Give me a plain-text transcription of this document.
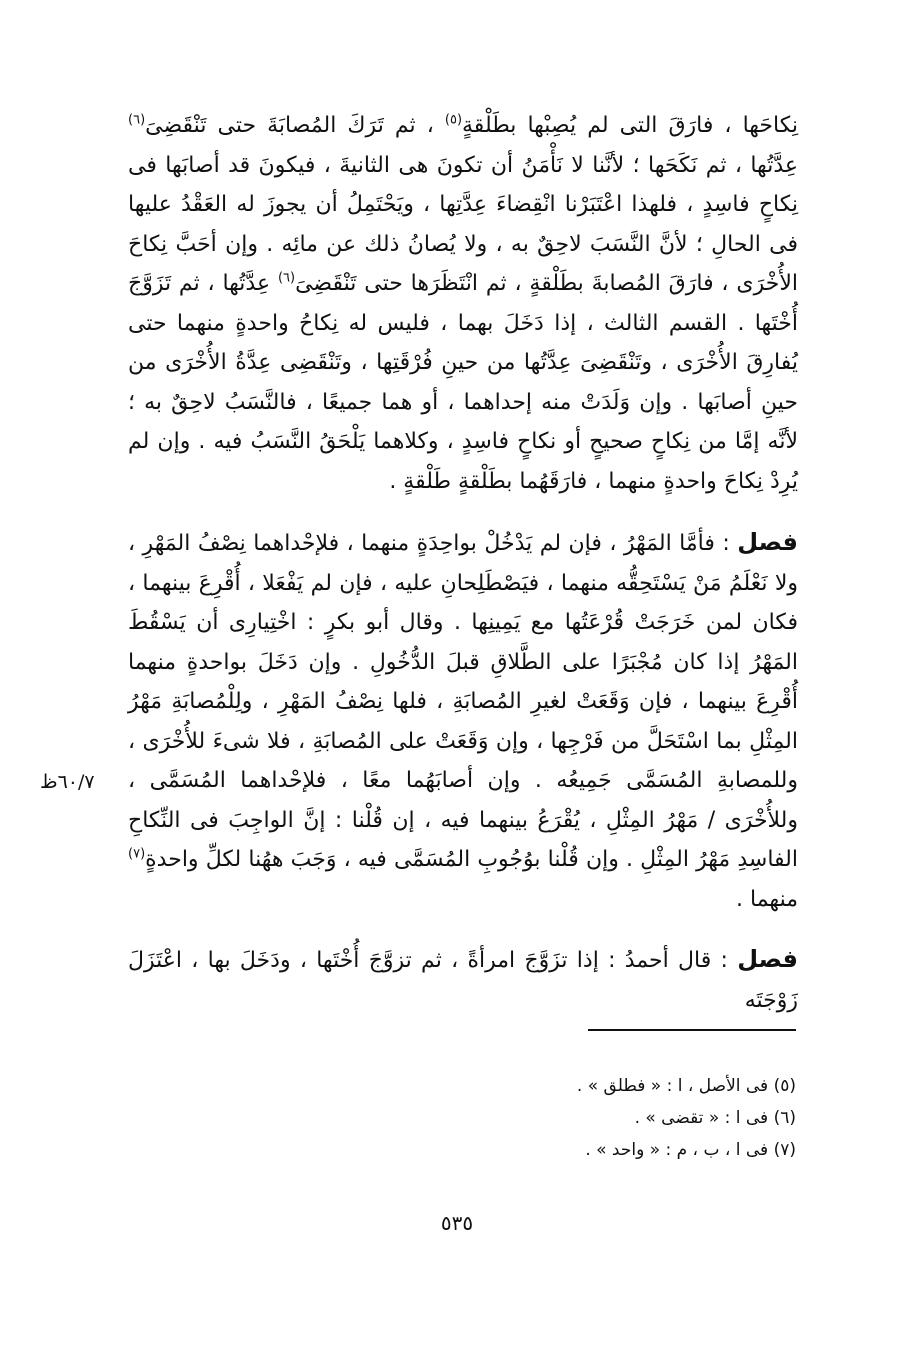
نِكاحَها ، فارَقَ التى لم يُصِبْها بطَلْقةٍ$^{(٥)}$ ، ثم تَرَكَ المُصابَةَ حتى تَنْقَضِىَ$^{(٦)}$ عِدَّتُها ، ثم نَكَحَها ؛ لأنَّنا لا نَأْمَنُ أن تكونَ هى الثانيةَ ، فيكونَ قد أصابَها فى نِكاحٍ فاسِدٍ ، فلهذا اعْتَبَرْنا انْقِضاءَ عِدَّتِها ، ويَحْتَمِلُ أن يجوزَ له العَقْدُ عليها فى الحالِ ؛ لأنَّ النَّسَبَ لاحِقٌ به ، ولا يُصانُ ذلك عن مائِه . وإن أحَبَّ نِكاحَ الأُخْرَى ، فارَقَ المُصابةَ بطَلْقةٍ ، ثم انْتَظَرَها حتى تَنْقَضِىَ$^{(٦)}$ عِدَّتُها ، ثم تَزَوَّجَ أُخْتَها . القسم الثالث ، إذا دَخَلَ بهما ، فليس له نِكاحُ واحدةٍ منهما حتى يُفارِقَ الأُخْرَى ، وتَنْقَضِىَ عِدَّتُها من حينِ فُرْقَتِها ، وتَنْقَضِى عِدَّةُ الأُخْرَى من حينِ أصابَها . وإن وَلَدَتْ منه إحداهما ، أو هما جميعًا ، فالنَّسَبُ لاحِقٌ به ؛ لأنَّه إمَّا من نِكاحٍ صحيحٍ أو نكاحٍ فاسِدٍ ، وكلاهما يَلْحَقُ النَّسَبُ فيه . وإن لم يُرِدْ نِكاحَ واحدةٍ منهما ، فارَقَهُما بطَلْقةٍ طَلْقةٍ .

فصل : فأمَّا المَهْرُ ، فإن لم يَدْخُلْ بواحِدَةٍ منهما ، فلإحْداهما نِصْفُ المَهْرِ ، ولا نَعْلَمُ مَنْ يَسْتَحِقُّه منهما ، فيَصْطَلِحانِ عليه ، فإن لم يَفْعَلا ، أُقْرِعَ بينهما ، فكان لمن خَرَجَتْ قُرْعَتُها مع يَمِينِها . وقال أبو بكرٍ : اخْتِيارِى أن يَسْقُطَ المَهْرُ إذا كان مُجْبَرًا على الطَّلاقِ قبلَ الدُّخُولِ . وإن دَخَلَ بواحدةٍ منهما أُقْرِعَ بينهما ، فإن وَقَعَتْ لغيرِ المُصابَةِ ، فلها نِصْفُ المَهْرِ ، ولِلْمُصابَةِ مَهْرُ المِثْلِ بما اسْتَحَلَّ من فَرْجِها ، وإن وَقَعَتْ على المُصابَةِ ، فلا شىءَ للأُخْرَى ، وللمصابةِ المُسَمَّى جَمِيعُه . وإن أصابَهُما معًا ، فلإحْداهما المُسَمَّى ، وللأُخْرَى / مَهْرُ المِثْلِ ، يُقْرَعُ بينهما فيه ، إن قُلْنا : إنَّ الواجِبَ فى النِّكاحِ الفاسِدِ مَهْرُ المِثْلِ . وإن قُلْنا بوُجُوبِ المُسَمَّى فيه ، وَجَبَ ههُنا لكلِّ واحدةٍ$^{(٧)}$ منهما .

فصل : قال أحمدُ : إذا تزَوَّجَ امرأةً ، ثم تزوَّجَ أُخْتَها ، ودَخَلَ بها ، اعْتَزَلَ زَوْجَتَه

٦٠/٧ظ
(٥) فى الأصل ، ا : « فطلق » .
(٦) فى ا : « تقضى » .
(٧) فى ا ، ب ، م : « واحد » .
٥٣٥
